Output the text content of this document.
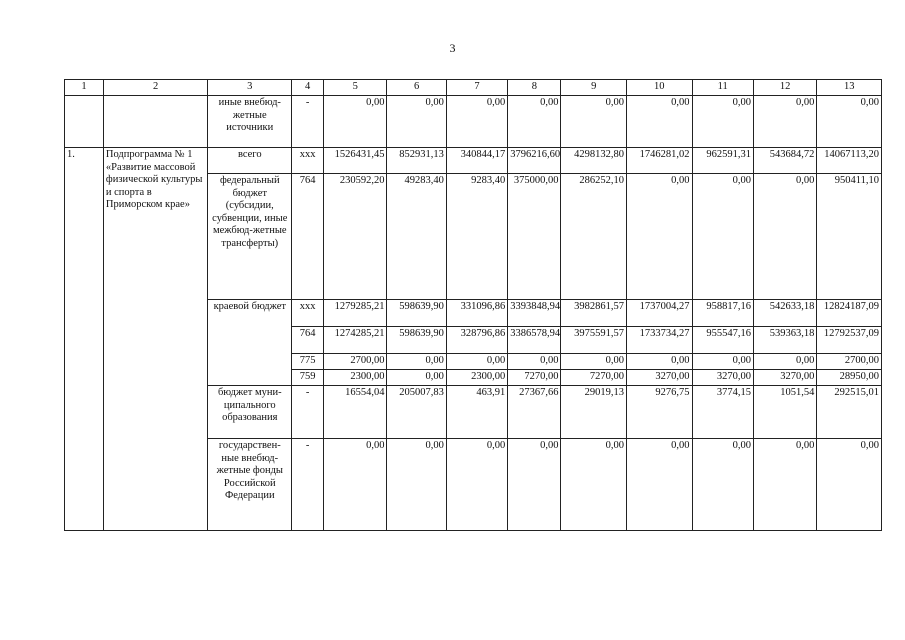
3
1	2	3	4	5	6	7	8	9	10	11	12	13
		иные внебюд-жетные источники	-	0,00	0,00	0,00	0,00	0,00	0,00	0,00	0,00	0,00
1.	Подпрограмма № 1 «Развитие массовой физической культуры и спорта в Приморском крае»	всего	xxx	1526431,45	852931,13	340844,17	3796216,60	4298132,80	1746281,02	962591,31	543684,72	14067113,20
		федеральный бюджет (субсидии, субвенции, иные межбюд-жетные трансферты)	764	230592,20	49283,40	9283,40	375000,00	286252,10	0,00	0,00	0,00	950411,10
		краевой бюджет	xxx	1279285,21	598639,90	331096,86	3393848,94	3982861,57	1737004,27	958817,16	542633,18	12824187,09
			764	1274285,21	598639,90	328796,86	3386578,94	3975591,57	1733734,27	955547,16	539363,18	12792537,09
			775	2700,00	0,00	0,00	0,00	0,00	0,00	0,00	0,00	2700,00
			759	2300,00	0,00	2300,00	7270,00	7270,00	3270,00	3270,00	3270,00	28950,00
		бюджет муни-ципального образования	-	16554,04	205007,83	463,91	27367,66	29019,13	9276,75	3774,15	1051,54	292515,01
		государствен-ные внебюд-жетные фонды Российской Федерации	-	0,00	0,00	0,00	0,00	0,00	0,00	0,00	0,00	0,00
